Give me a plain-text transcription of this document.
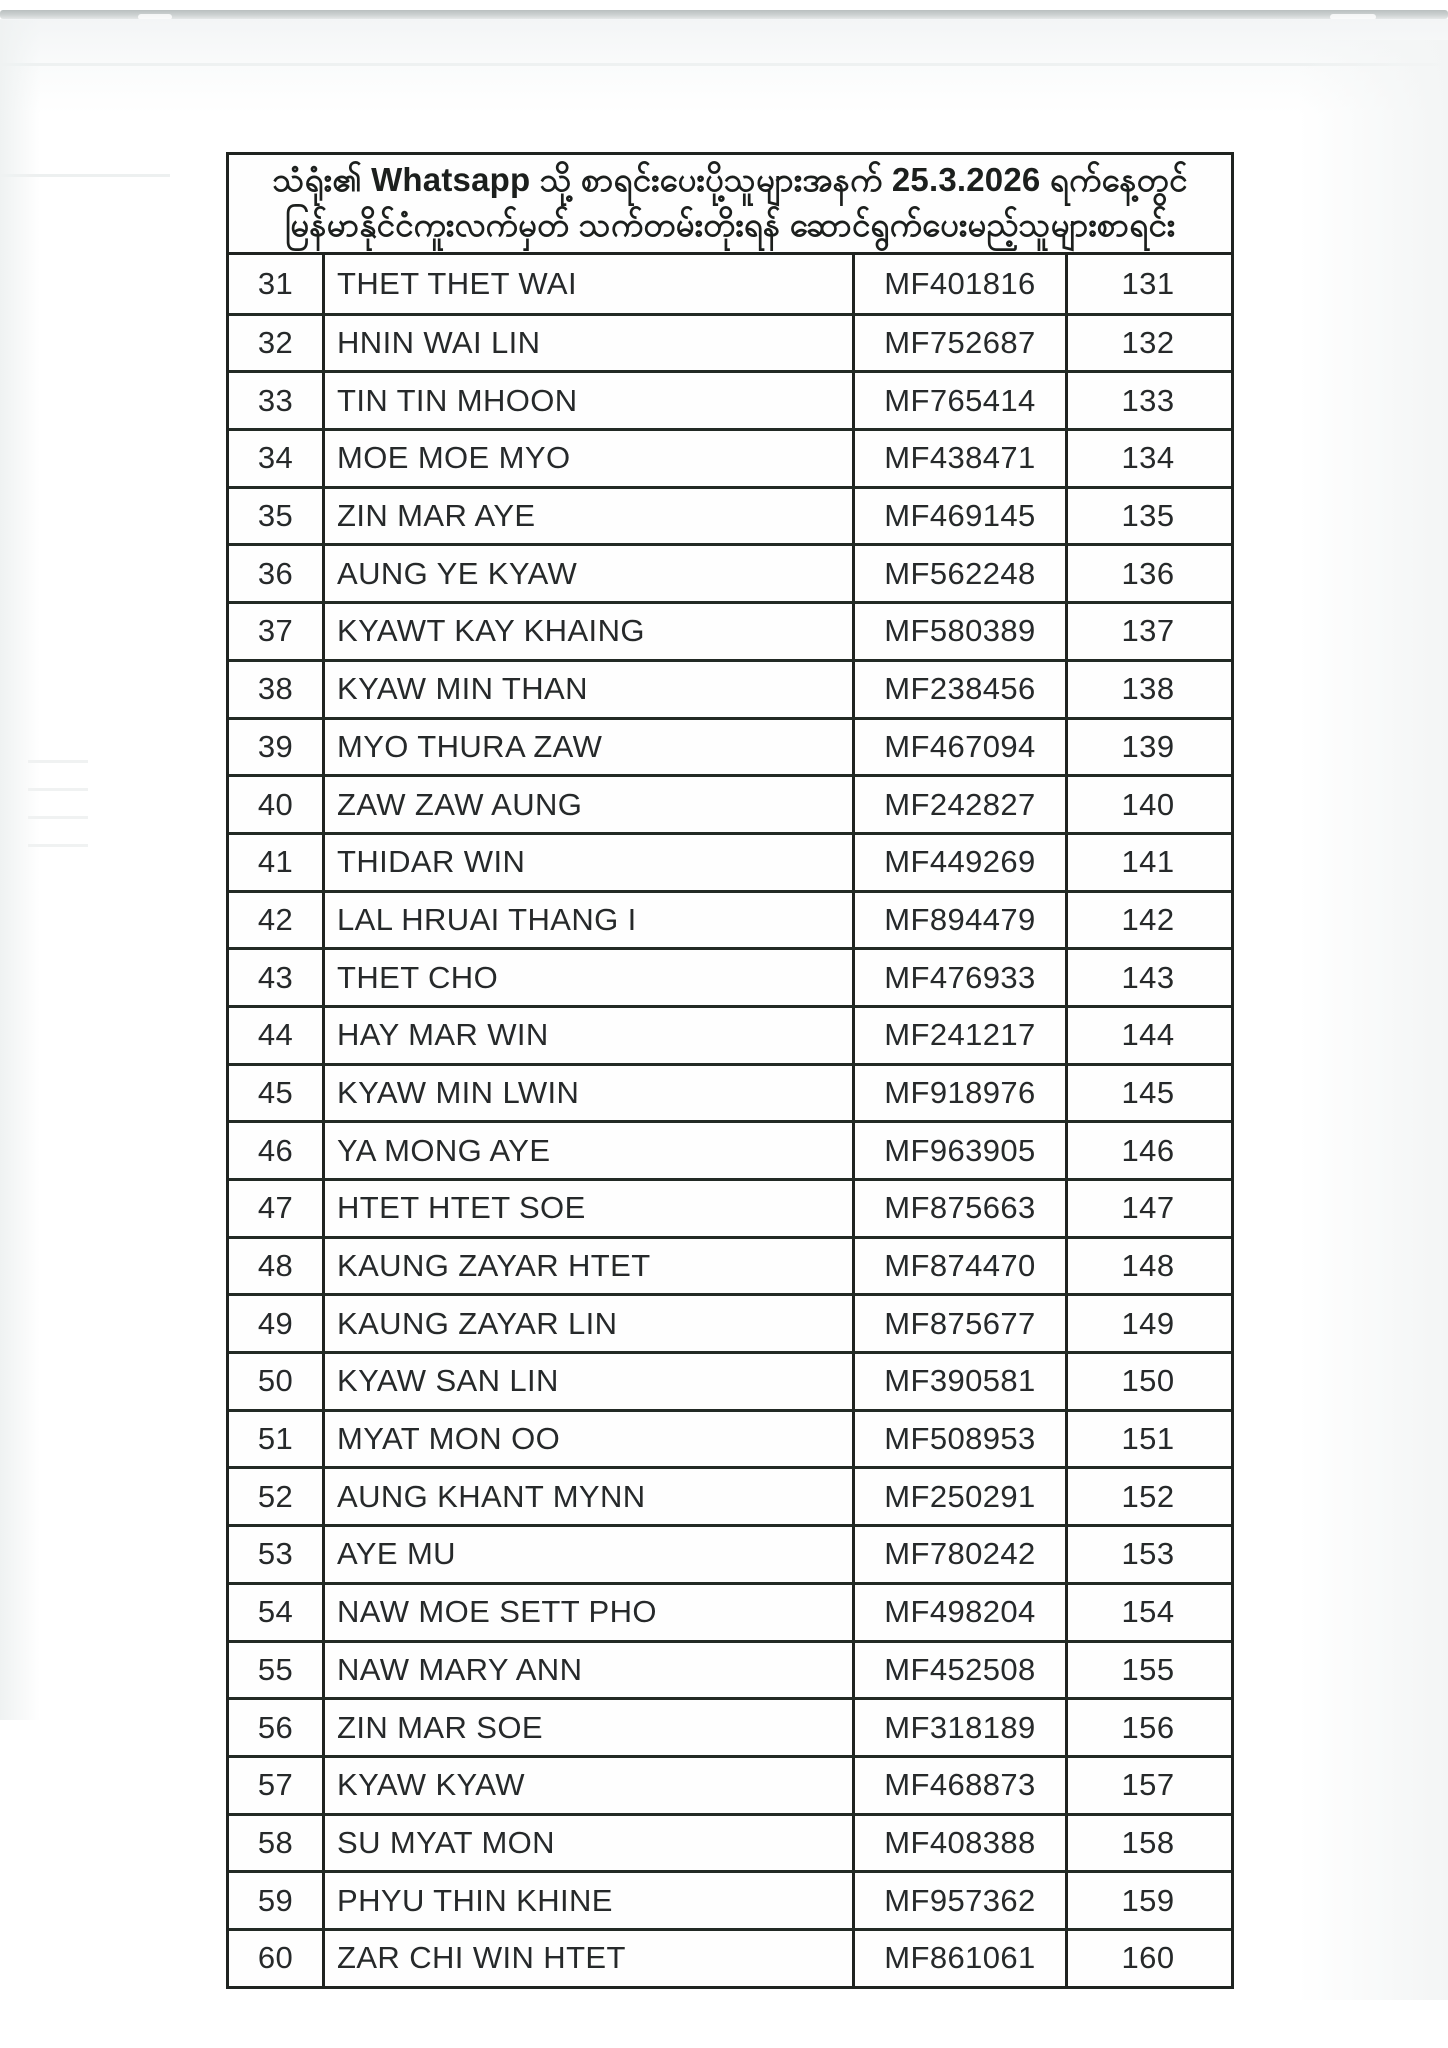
သံရုံး၏ Whatsapp သို့ စာရင်းပေးပို့သူများအနက် 25.3.2026 ရက်နေ့တွင်
မြန်မာနိုင်ငံကူးလက်မှတ် သက်တမ်းတိုးရန် ဆောင်ရွက်ပေးမည့်သူများစာရင်း
31	THET THET WAI	MF401816	131
32	HNIN WAI LIN	MF752687	132
33	TIN TIN MHOON	MF765414	133
34	MOE MOE MYO	MF438471	134
35	ZIN MAR AYE	MF469145	135
36	AUNG YE KYAW	MF562248	136
37	KYAWT KAY KHAING	MF580389	137
38	KYAW MIN THAN	MF238456	138
39	MYO THURA ZAW	MF467094	139
40	ZAW ZAW AUNG	MF242827	140
41	THIDAR WIN	MF449269	141
42	LAL HRUAI THANG I	MF894479	142
43	THET CHO	MF476933	143
44	HAY MAR WIN	MF241217	144
45	KYAW MIN LWIN	MF918976	145
46	YA MONG AYE	MF963905	146
47	HTET HTET SOE	MF875663	147
48	KAUNG ZAYAR HTET	MF874470	148
49	KAUNG ZAYAR LIN	MF875677	149
50	KYAW SAN LIN	MF390581	150
51	MYAT MON OO	MF508953	151
52	AUNG KHANT MYNN	MF250291	152
53	AYE MU	MF780242	153
54	NAW MOE SETT PHO	MF498204	154
55	NAW MARY ANN	MF452508	155
56	ZIN MAR SOE	MF318189	156
57	KYAW KYAW	MF468873	157
58	SU MYAT MON	MF408388	158
59	PHYU THIN KHINE	MF957362	159
60	ZAR CHI WIN HTET	MF861061	160
